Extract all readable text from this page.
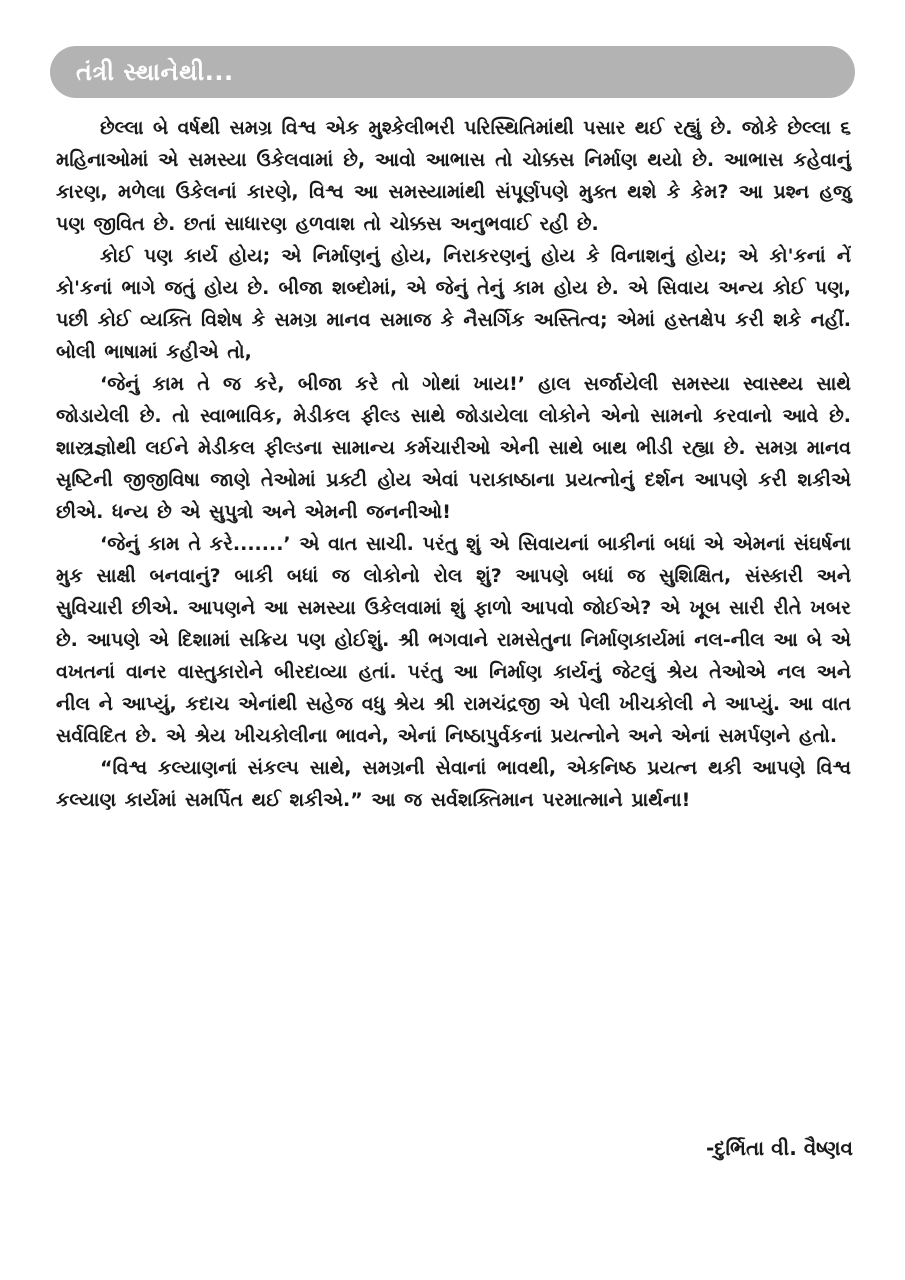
તંત્રી સ્થાનેથી...

છેલ્લા બે વર્ષથી સમગ્ર વિશ્વ એક મુશ્કેલીભરી પરિસ્થિતિમાંથી પસાર થઈ રહ્યું છે. જોકે છેલ્લા ૬ મહિનાઓમાં એ સમસ્યા ઉકેલવામાં છે, આવો આભાસ તો ચોક્કસ નિર્માણ થયો છે. આભાસ કહેવાનું કારણ, મળેલા ઉકેલનાં કારણે, વિશ્વ આ સમસ્યામાંથી સંપૂર્ણપણે મુક્ત થશે કે કેમ? આ પ્રશ્ન હજુ પણ જીવિત છે. છતાં સાધારણ હળવાશ તો ચોક્કસ અનુભવાઈ રહી છે.

કોઈ પણ કાર્ય હોય; એ નિર્માણનું હોય, નિરાકરણનું હોય કે વિનાશનું હોય; એ કો'કનાં નેં કો'કનાં ભાગે જતું હોય છે. બીજા શબ્દોમાં, એ જેનું તેનું કામ હોય છે. એ સિવાય અન્ય કોઈ પણ, પછી કોઈ વ્યક્તિ વિશેષ કે સમગ્ર માનવ સમાજ કે નૈસર્ગિક અસ્તિત્વ; એમાં હસ્તક્ષેપ કરી શકે નહીં. બોલી ભાષામાં કહીએ તો,

‘જેનું કામ તે જ કરે, બીજા કરે તો ગોથાં ખાય!’ હાલ સર્જાયેલી સમસ્યા સ્વાસ્થ્ય સાથે જોડાયેલી છે. તો સ્વાભાવિક, મેડીકલ ફીલ્ડ સાથે જોડાયેલા લોકોને એનો સામનો કરવાનો આવે છે. શાસ્ત્રજ્ઞોથી લઈને મેડીકલ ફીલ્ડના સામાન્ય કર્મચારીઓ એની સાથે બાથ ભીડી રહ્યા છે. સમગ્ર માનવ સૃષ્ટિની જીજીવિષા જાણે તેઓમાં પ્રક્ટી હોય એવાં પરાકાષ્ઠાના પ્રયત્નોનું દર્શન આપણે કરી શકીએ છીએ. ધન્ય છે એ સુપુત્રો અને એમની જનનીઓ!

‘જેનું કામ તે કરે.......’ એ વાત સાચી. પરંતુ શું એ સિવાયનાં બાકીનાં બધાં એ એમનાં સંઘર્ષના મુક સાક્ષી બનવાનું? બાકી બધાં જ લોકોનો રોલ શું? આપણે બધાં જ સુશિક્ષિત, સંસ્કારી અને સુવિચારી છીએ. આપણને આ સમસ્યા ઉકેલવામાં શું ફાળો આપવો જોઈએ? એ ખૂબ સારી રીતે ખબર છે. આપણે એ દિશામાં સક્રિય પણ હોઈશું. શ્રી ભગવાને રામસેતુના નિર્માણકાર્યમાં નલ-નીલ આ બે એ વખતનાં વાનર વાસ્તુકારોને બીરદાવ્યા હતાં. પરંતુ આ નિર્માણ કાર્યનું જેટલું શ્રેય તેઓએ નલ અને નીલ ને આપ્યું, કદાચ એનાંથી સહેજ વધુ શ્રેય શ્રી રામચંદ્રજી એ પેલી ખીચકોલી ને આપ્યું. આ વાત સર્વવિદિત છે. એ શ્રેય ખીચકોલીના ભાવને, એનાં નિષ્ઠાપુર્વકનાં પ્રયત્નોને અને એનાં સમર્પણને હતો.

“વિશ્વ કલ્યાણનાં સંકલ્પ સાથે, સમગ્રની સેવાનાં ભાવથી, એકનિષ્ઠ પ્રયત્ન થકી આપણે વિશ્વ કલ્યાણ કાર્યમાં સમર્પિત થઈ શકીએ.” આ જ સર્વશક્તિમાન પરમાત્માને પ્રાર્થના!

-દુર્ભિતા વી. વૈષ્ણવ
